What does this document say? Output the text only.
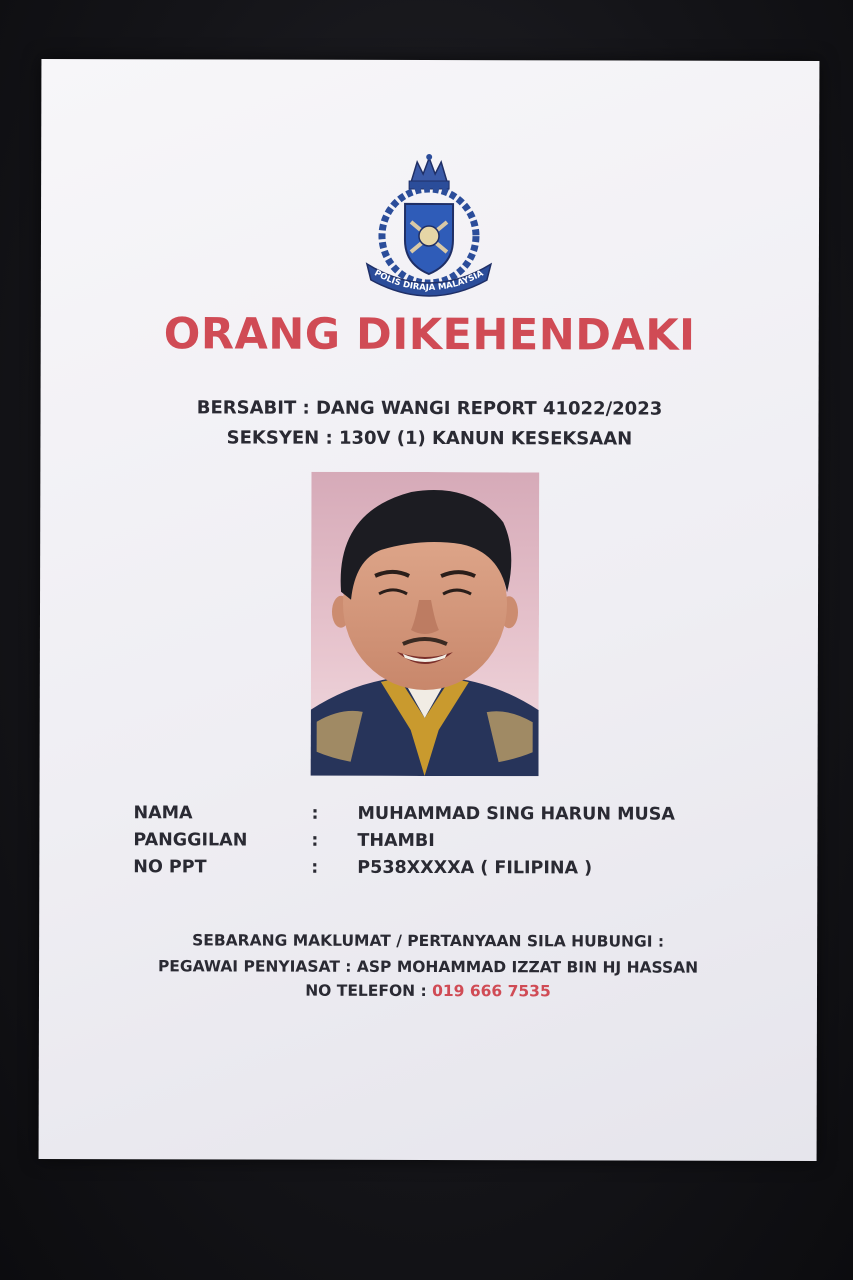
POLIS DIRAJA MALAYSIA
ORANG DIKEHENDAKI
BERSABIT : DANG WANGI REPORT 41022/2023
SEKSYEN : 130V (1) KANUN KESEKSAAN
NAMA	: MUHAMMAD SING HARUN MUSA
PANGGILAN	: THAMBI
NO PPT	: P538XXXXA ( FILIPINA )
SEBARANG MAKLUMAT / PERTANYAAN SILA HUBUNGI :
PEGAWAI PENYIASAT : ASP MOHAMMAD IZZAT BIN HJ HASSAN
NO TELEFON : 019 666 7535
